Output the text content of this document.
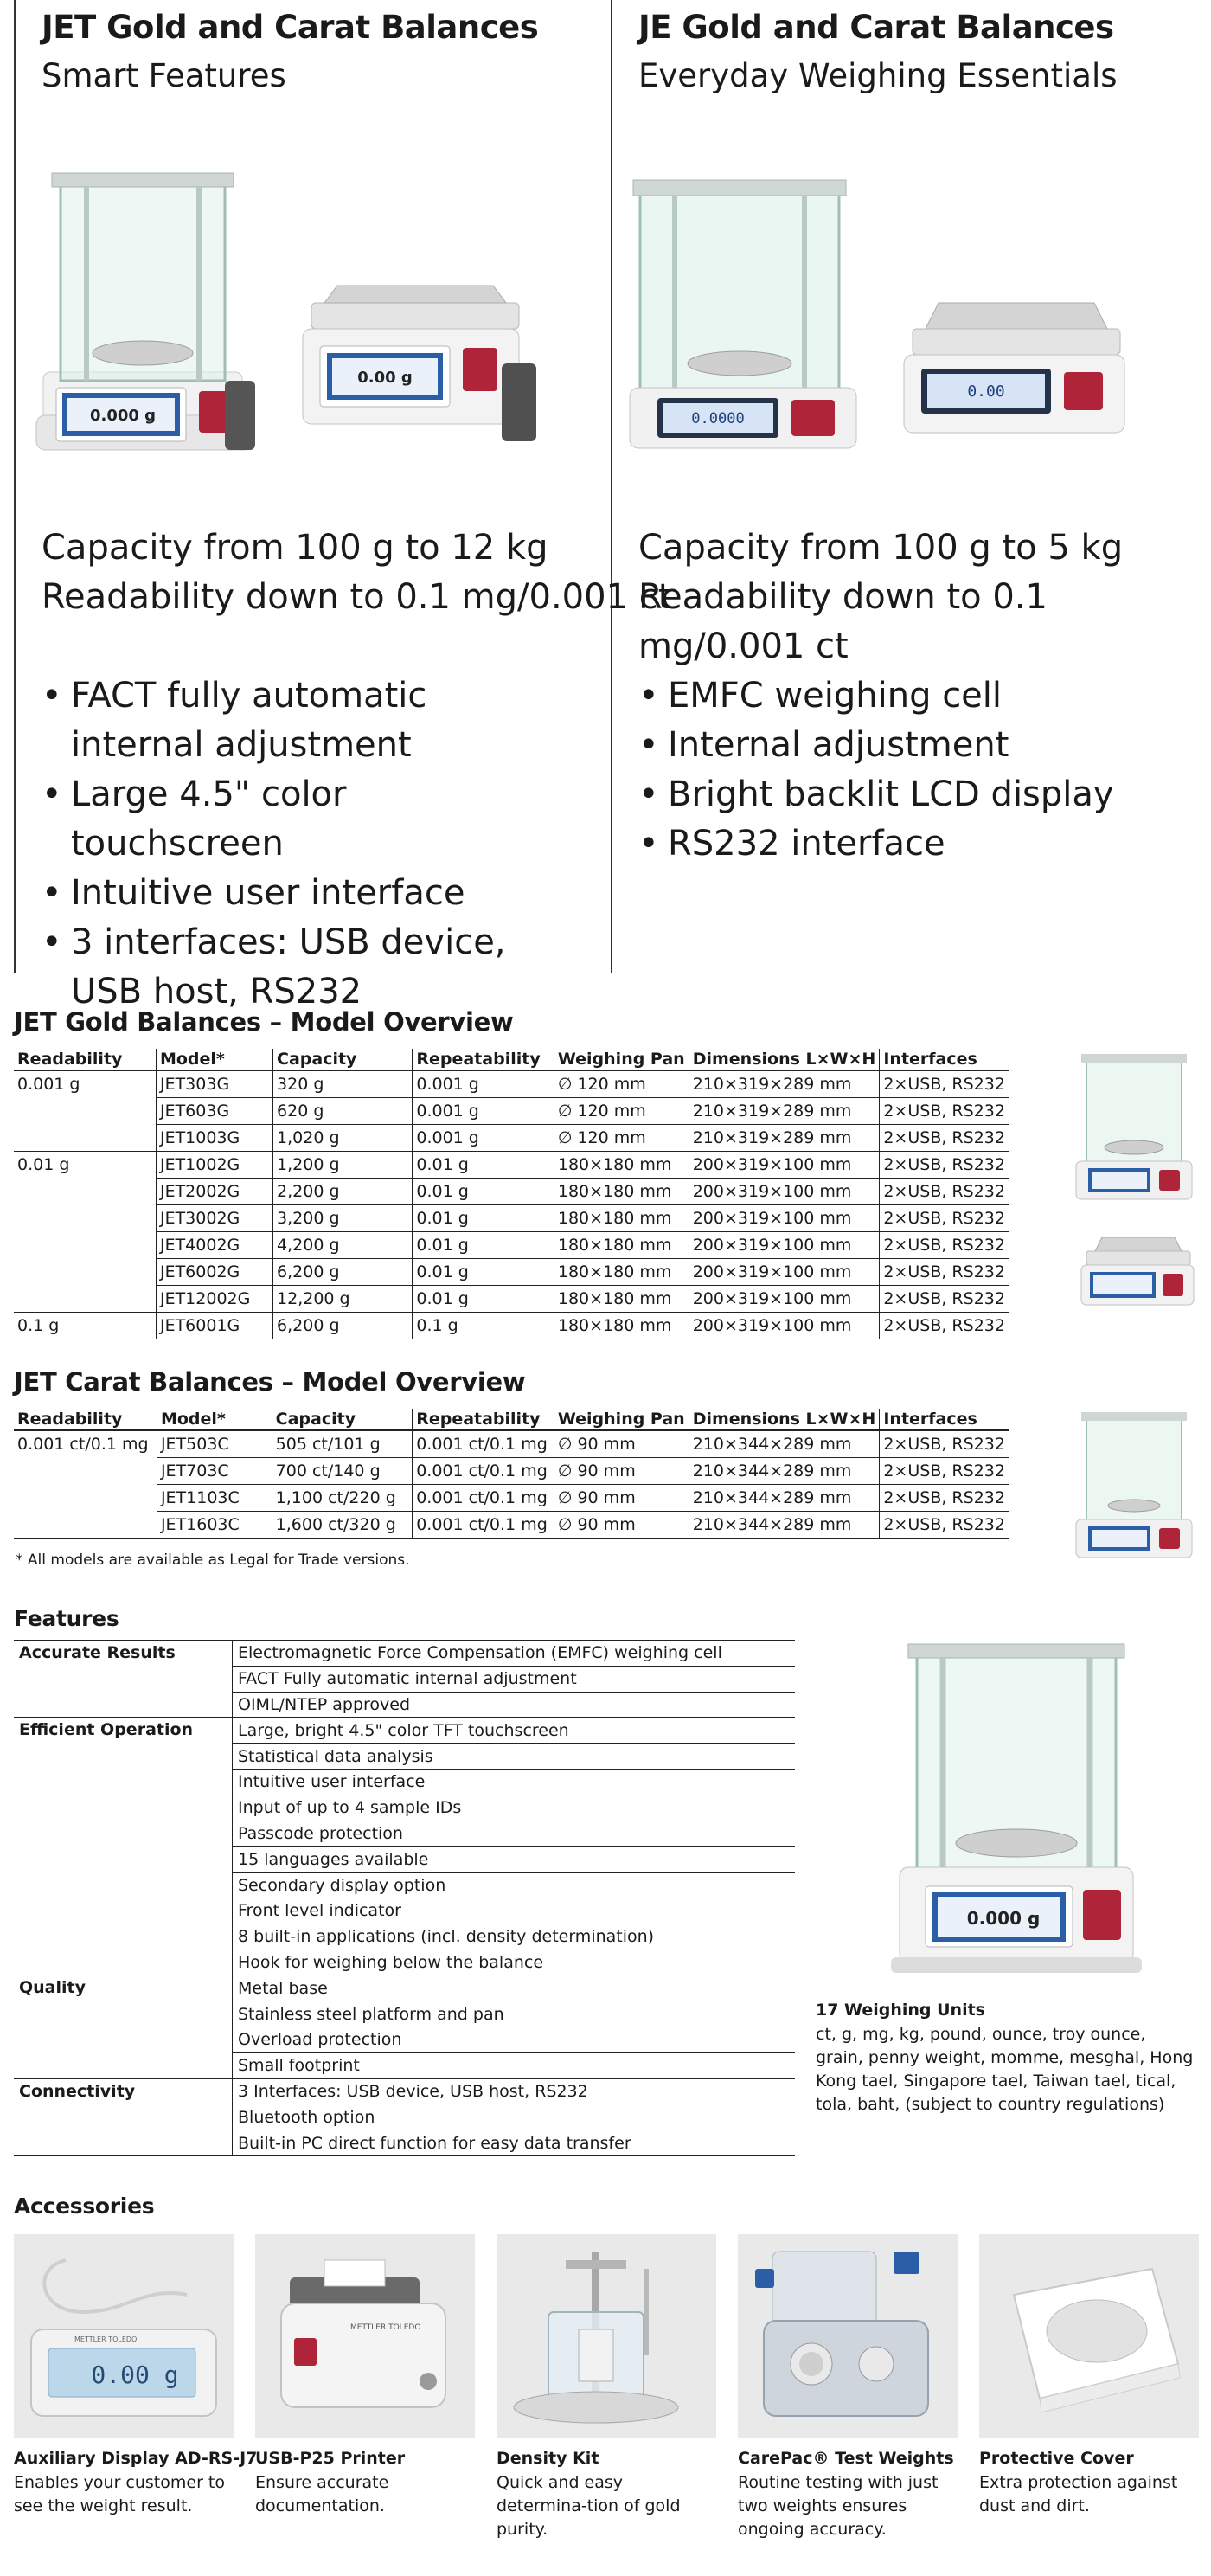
JET Gold and Carat Balances
Smart Features
0.000 g
0.00 g
Capacity from 100 g to 12 kg
Readability down to 0.1 mg/0.001 ct
• FACT fully automatic internal adjustment
• Large 4.5" color touchscreen
• Intuitive user interface
• 3 interfaces: USB device, USB host, RS232
JE Gold and Carat Balances
Everyday Weighing Essentials
0.0000
0.00
Capacity from 100 g to 5 kg
Readability down to 0.1 mg/0.001 ct
• EMFC weighing cell
• Internal adjustment
• Bright backlit LCD display
• RS232 interface
JET Gold Balances – Model Overview
Readability	Model*	Capacity	Repeatability	Weighing Pan	Dimensions L×W×H	Interfaces
0.001 g	JET303G	320 g	0.001 g	∅ 120 mm	210×319×289 mm	2×USB, RS232
	JET603G	620 g	0.001 g	∅ 120 mm	210×319×289 mm	2×USB, RS232
	JET1003G	1,020 g	0.001 g	∅ 120 mm	210×319×289 mm	2×USB, RS232
0.01 g	JET1002G	1,200 g	0.01 g	180×180 mm	200×319×100 mm	2×USB, RS232
	JET2002G	2,200 g	0.01 g	180×180 mm	200×319×100 mm	2×USB, RS232
	JET3002G	3,200 g	0.01 g	180×180 mm	200×319×100 mm	2×USB, RS232
	JET4002G	4,200 g	0.01 g	180×180 mm	200×319×100 mm	2×USB, RS232
	JET6002G	6,200 g	0.01 g	180×180 mm	200×319×100 mm	2×USB, RS232
	JET12002G	12,200 g	0.01 g	180×180 mm	200×319×100 mm	2×USB, RS232
0.1 g	JET6001G	6,200 g	0.1 g	180×180 mm	200×319×100 mm	2×USB, RS232
JET Carat Balances – Model Overview
Readability	Model*	Capacity	Repeatability	Weighing Pan	Dimensions L×W×H	Interfaces
0.001 ct/0.1 mg	JET503C	505 ct/101 g	0.001 ct/0.1 mg	∅ 90 mm	210×344×289 mm	2×USB, RS232
	JET703C	700 ct/140 g	0.001 ct/0.1 mg	∅ 90 mm	210×344×289 mm	2×USB, RS232
	JET1103C	1,100 ct/220 g	0.001 ct/0.1 mg	∅ 90 mm	210×344×289 mm	2×USB, RS232
	JET1603C	1,600 ct/320 g	0.001 ct/0.1 mg	∅ 90 mm	210×344×289 mm	2×USB, RS232
* All models are available as Legal for Trade versions.
Features
Accurate Results	Electromagnetic Force Compensation (EMFC) weighing cell
	FACT Fully automatic internal adjustment
	OIML/NTEP approved
Efficient Operation	Large, bright 4.5" color TFT touchscreen
	Statistical data analysis
	Intuitive user interface
	Input of up to 4 sample IDs
	Passcode protection
	15 languages available
	Secondary display option
	Front level indicator
	8 built-in applications (incl. density determination)
	Hook for weighing below the balance
Quality	Metal base
	Stainless steel platform and pan
	Overload protection
	Small footprint
Connectivity	3 Interfaces: USB device, USB host, RS232
	Bluetooth option
	Built-in PC direct function for easy data transfer
0.000 g
17 Weighing Units
ct, g, mg, kg, pound, ounce, troy ounce, grain, penny weight, momme, mesghal, Hong Kong tael, Singapore tael, Taiwan tael, tical, tola, baht, (subject to country regulations)
Accessories
0.00 g
METTLER TOLEDO
Auxiliary Display AD-RS-J7
Enables your customer to see the weight result.
METTLER TOLEDO
USB-P25 Printer
Ensure accurate documentation.
Density Kit
Quick and easy determina-tion of gold purity.
CarePac® Test Weights
Routine testing with just two weights ensures ongoing accuracy.
Protective Cover
Extra protection against dust and dirt.
